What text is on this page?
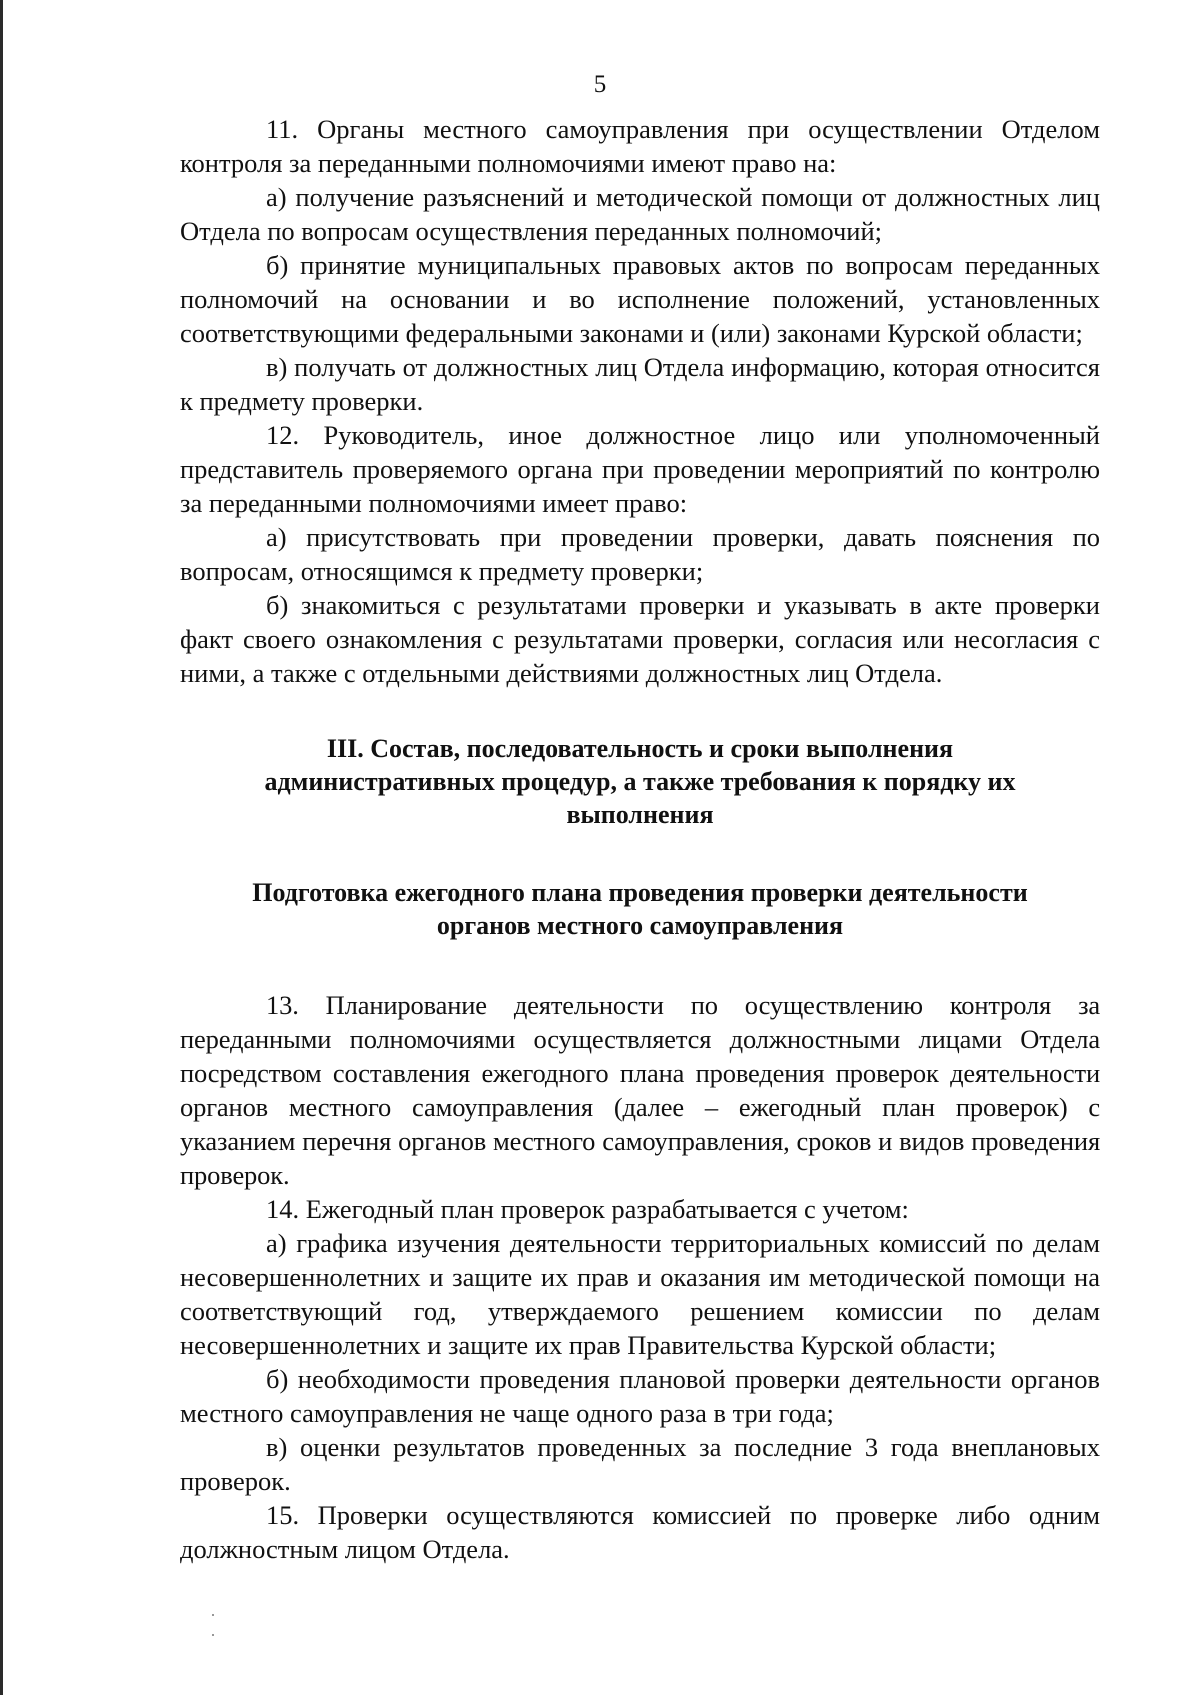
5

11. Органы местного самоуправления при осуществлении Отделом контроля за переданными полномочиями имеют право на:

а) получение разъяснений и методической помощи от должностных лиц Отдела по вопросам осуществления переданных полномочий;

б) принятие муниципальных правовых актов по вопросам переданных полномочий на основании и во исполнение положений, установленных соответствующими федеральными законами и (или) законами Курской области;

в) получать от должностных лиц Отдела информацию, которая относится к предмету проверки.

12. Руководитель, иное должностное лицо или уполномоченный представитель проверяемого органа при проведении мероприятий по контролю за переданными полномочиями имеет право:

а) присутствовать при проведении проверки, давать пояснения по вопросам, относящимся к предмету проверки;

б) знакомиться с результатами проверки и указывать в акте проверки факт своего ознакомления с результатами проверки, согласия или несогласия с ними, а также с отдельными действиями должностных лиц Отдела.

III. Состав, последовательность и сроки выполнения административных процедур, а также требования к порядку их выполнения
Подготовка ежегодного плана проведения проверки деятельности органов местного самоуправления

13. Планирование деятельности по осуществлению контроля за переданными полномочиями осуществляется должностными лицами Отдела посредством составления ежегодного плана проведения проверок деятельности органов местного самоуправления (далее – ежегодный план проверок) с указанием перечня органов местного самоуправления, сроков и видов проведения проверок.

14. Ежегодный план проверок разрабатывается с учетом:

а) графика изучения деятельности территориальных комиссий по делам несовершеннолетних и защите их прав и оказания им методической помощи на соответствующий год, утверждаемого решением комиссии по делам несовершеннолетних и защите их прав Правительства Курской области;

б) необходимости проведения плановой проверки деятельности органов местного самоуправления не чаще одного раза в три года;

в) оценки результатов проведенных за последние 3 года внеплановых проверок.

15. Проверки осуществляются комиссией по проверке либо одним должностным лицом Отдела.
